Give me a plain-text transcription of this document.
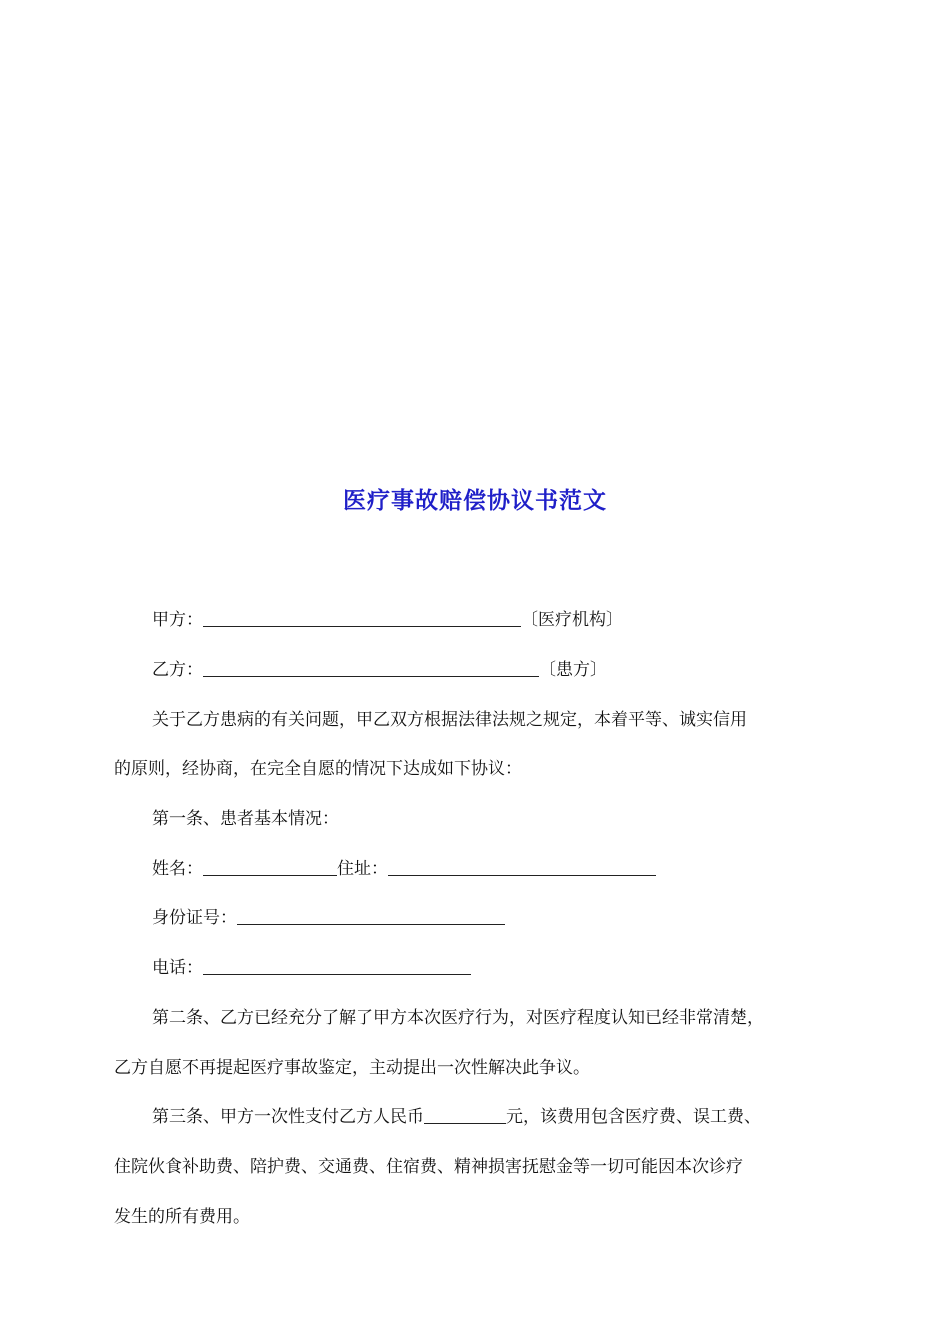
医疗事故赔偿协议书范文
甲方：	〔医疗机构〕
乙方：	〔患方〕
关于乙方患病的有关问题，甲乙双方根据法律法规之规定，本着平等、诚实信用
的原则，经协商，在完全自愿的情况下达成如下协议：
第一条、患者基本情况：
姓名：	住址：
身份证号：
电话：
第二条、乙方已经充分了解了甲方本次医疗行为，对医疗程度认知已经非常清楚，
乙方自愿不再提起医疗事故鉴定，主动提出一次性解决此争议。
第三条、甲方一次性支付乙方人民币	元，该费用包含医疗费、误工费、
住院伙食补助费、陪护费、交通费、住宿费、精神损害抚慰金等一切可能因本次诊疗
发生的所有费用。
